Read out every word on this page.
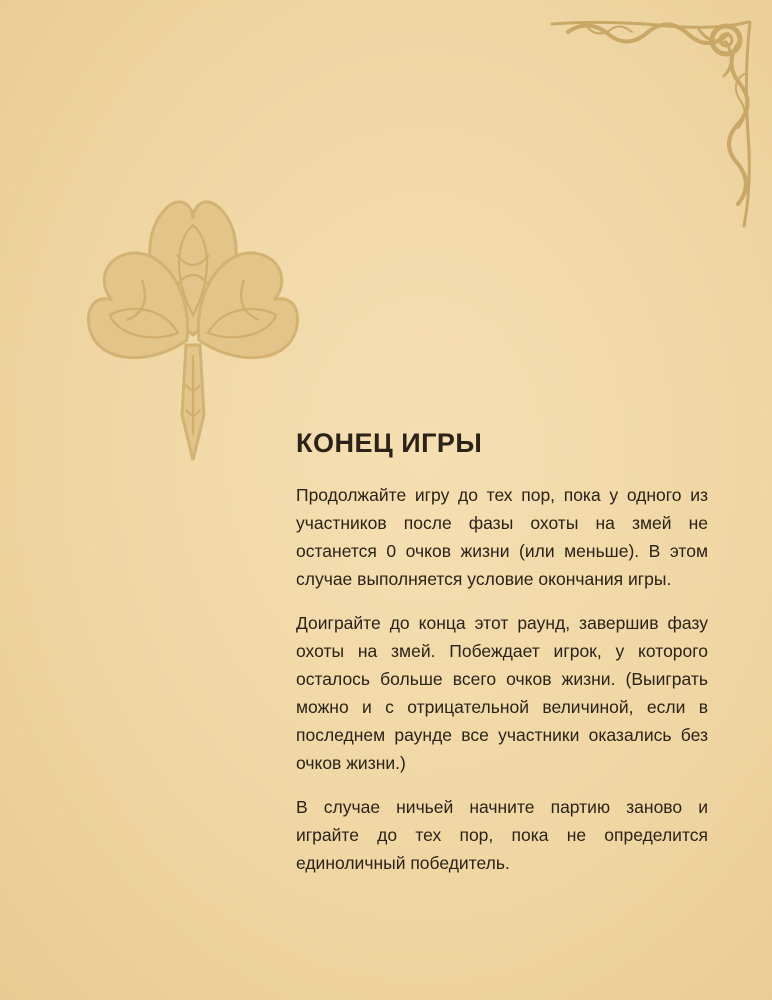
КОНЕЦ ИГРЫ

Продолжайте игру до тех пор, пока у одного из участников после фазы охоты на змей не останется 0 очков жизни (или меньше). В этом случае выполняется условие окончания игры.

Доиграйте до конца этот раунд, завершив фазу охоты на змей. Побеждает игрок, у которого осталось больше всего очков жизни. (Выиграть можно и с отрицательной величиной, если в последнем раунде все участники оказались без очков жизни.)

В случае ничьей начните партию заново и играйте до тех пор, пока не определится единоличный победитель.
